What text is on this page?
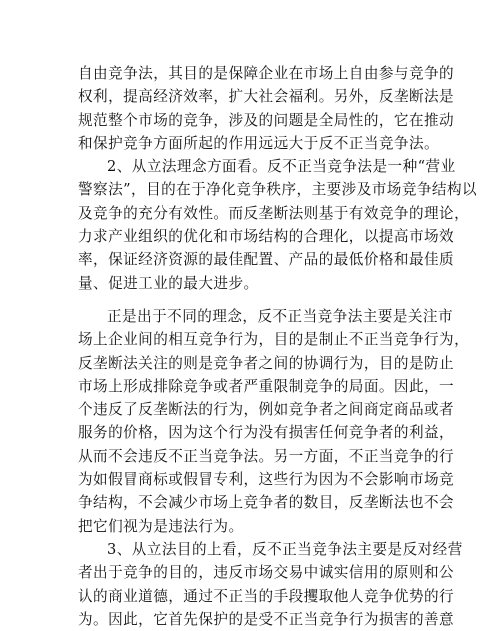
自由竞争法，其目的是保障企业在市场上自由参与竞争的
权利，提高经济效率，扩大社会福利。另外，反垄断法是
规范整个市场的竞争，涉及的问题是全局性的，它在推动
和保护竞争方面所起的作用远远大于反不正当竞争法。
2、从立法理念方面看。反不正当竞争法是一种“营业
警察法”，目的在于净化竞争秩序，主要涉及市场竞争结构以
及竞争的充分有效性。而反垄断法则基于有效竞争的理论，
力求产业组织的优化和市场结构的合理化，以提高市场效
率，保证经济资源的最佳配置、产品的最低价格和最佳质
量、促进工业的最大进步。
正是出于不同的理念，反不正当竞争法主要是关注市
场上企业间的相互竞争行为，目的是制止不正当竞争行为，
反垄断法关注的则是竞争者之间的协调行为，目的是防止
市场上形成排除竞争或者严重限制竞争的局面。因此，一
个违反了反垄断法的行为，例如竞争者之间商定商品或者
服务的价格，因为这个行为没有损害任何竞争者的利益，
从而不会违反不正当竞争法。另一方面，不正当竞争的行
为如假冒商标或假冒专利，这些行为因为不会影响市场竞
争结构，不会减少市场上竞争者的数目，反垄断法也不会
把它们视为是违法行为。
3、从立法目的上看，反不正当竞争法主要是反对经营
者出于竞争的目的，违反市场交易中诚实信用的原则和公
认的商业道德，通过不正当的手段攫取他人竞争优势的行
为。因此，它首先保护的是受不正当竞争行为损害的善意
